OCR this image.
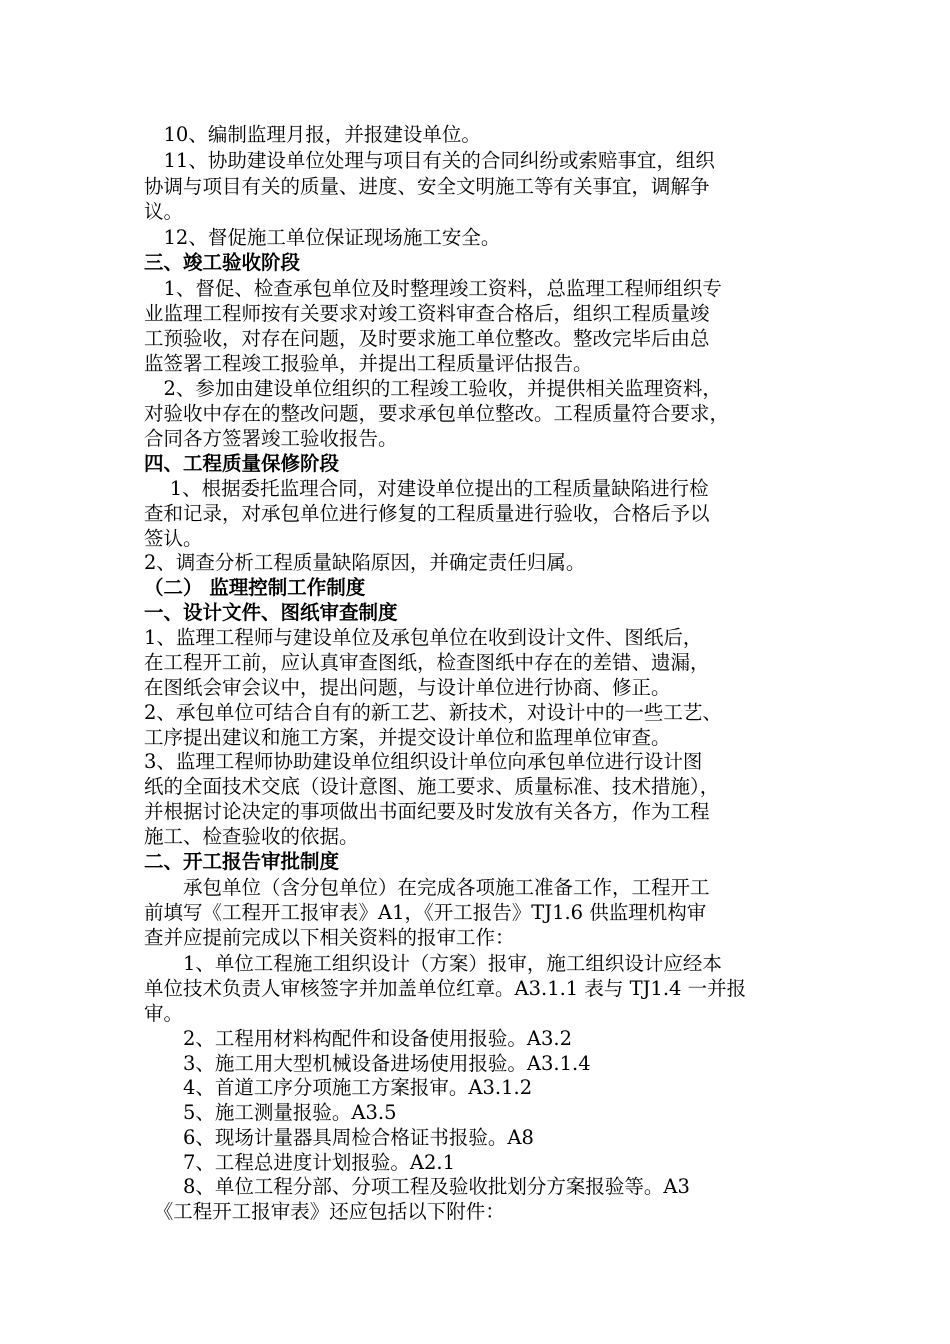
　10、编制监理月报，并报建设单位。
　11、协助建设单位处理与项目有关的合同纠纷或索赔事宜，组织
协调与项目有关的质量、进度、安全文明施工等有关事宜，调解争
议。
　12、督促施工单位保证现场施工安全。
三、竣工验收阶段
　1、督促、检查承包单位及时整理竣工资料，总监理工程师组织专
业监理工程师按有关要求对竣工资料审查合格后，组织工程质量竣
工预验收，对存在问题，及时要求施工单位整改。整改完毕后由总
监签署工程竣工报验单，并提出工程质量评估报告。
　2、参加由建设单位组织的工程竣工验收，并提供相关监理资料，
对验收中存在的整改问题，要求承包单位整改。工程质量符合要求，
合同各方签署竣工验收报告。
四、工程质量保修阶段
　 1、根据委托监理合同，对建设单位提出的工程质量缺陷进行检
查和记录，对承包单位进行修复的工程质量进行验收，合格后予以
签认。
2、调查分析工程质量缺陷原因，并确定责任归属。
（二） 监理控制工作制度
一、设计文件、图纸审查制度
1、监理工程师与建设单位及承包单位在收到设计文件、图纸后，
在工程开工前，应认真审查图纸，检查图纸中存在的差错、遗漏，
在图纸会审会议中，提出问题，与设计单位进行协商、修正。
2、承包单位可结合自有的新工艺、新技术，对设计中的一些工艺、
工序提出建议和施工方案，并提交设计单位和监理单位审查。
3、监理工程师协助建设单位组织设计单位向承包单位进行设计图
纸的全面技术交底（设计意图、施工要求、质量标准、技术措施），
并根据讨论决定的事项做出书面纪要及时发放有关各方，作为工程
施工、检查验收的依据。
二、开工报告审批制度
　　承包单位（含分包单位）在完成各项施工准备工作，工程开工
前填写《工程开工报审表》A1，《开工报告》TJ1.6 供监理机构审
查并应提前完成以下相关资料的报审工作：
　　1、单位工程施工组织设计（方案）报审，施工组织设计应经本
单位技术负责人审核签字并加盖单位红章。A3.1.1 表与 TJ1.4 一并报
审。
　　2、工程用材料构配件和设备使用报验。A3.2
　　3、施工用大型机械设备进场使用报验。A3.1.4
　　4、首道工序分项施工方案报审。A3.1.2
　　5、施工测量报验。A3.5
　　6、现场计量器具周检合格证书报验。A8
　　7、工程总进度计划报验。A2.1
　　8、单位工程分部、分项工程及验收批划分方案报验等。A3
　《工程开工报审表》还应包括以下附件：
